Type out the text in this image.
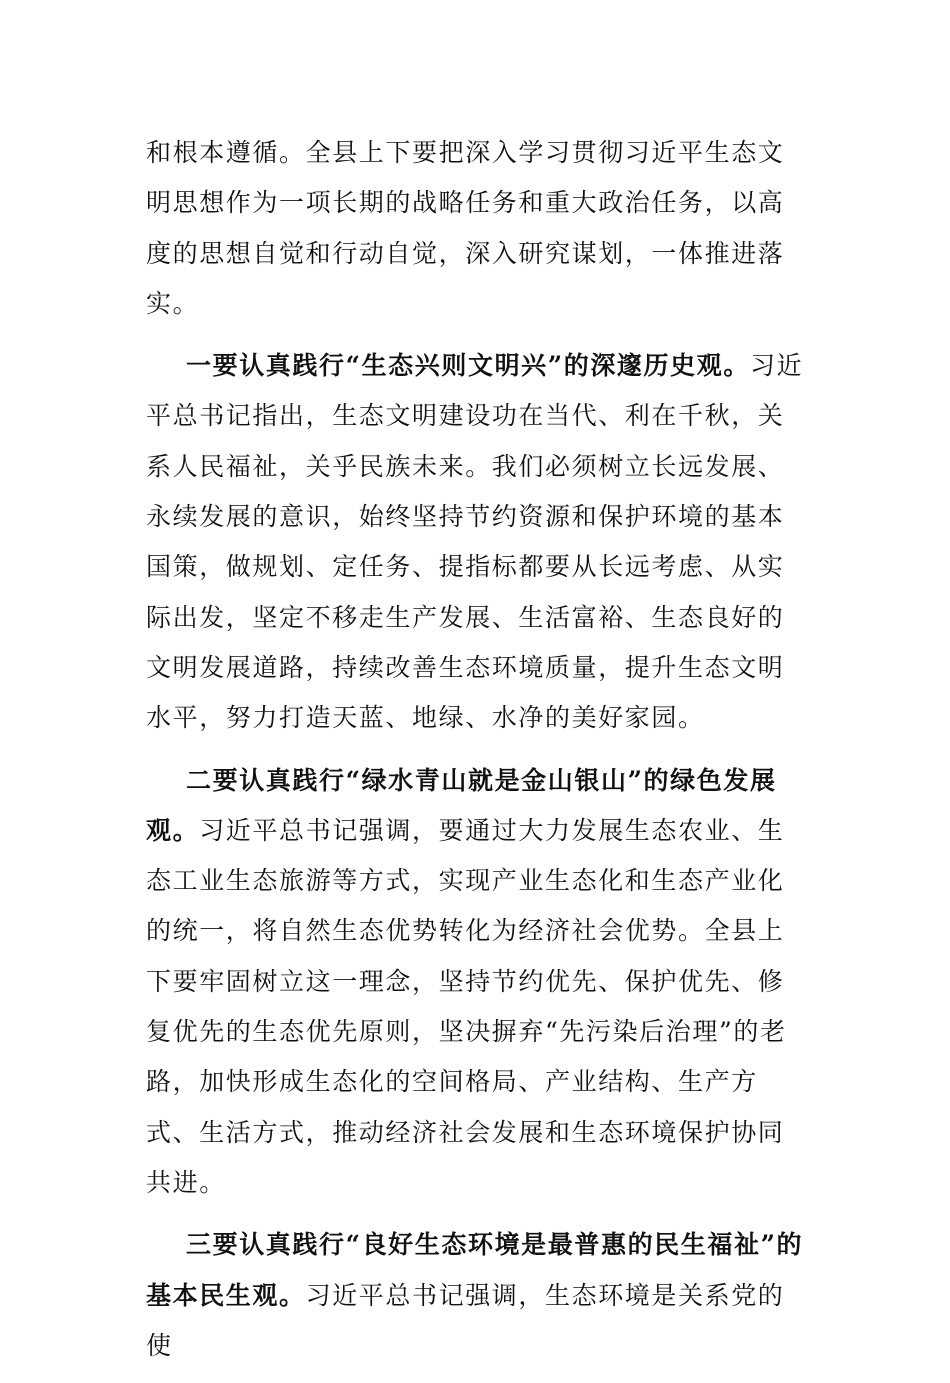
和根本遵循。全县上下要把深入学习贯彻习近平生态文明思想作为一项长期的战略任务和重大政治任务，以高度的思想自觉和行动自觉，深入研究谋划，一体推进落实。

一要认真践行“生态兴则文明兴”的深邃历史观。习近平总书记指出，生态文明建设功在当代、利在千秋，关系人民福祉，关乎民族未来。我们必须树立长远发展、永续发展的意识，始终坚持节约资源和保护环境的基本国策，做规划、定任务、提指标都要从长远考虑、从实际出发，坚定不移走生产发展、生活富裕、生态良好的文明发展道路，持续改善生态环境质量，提升生态文明水平，努力打造天蓝、地绿、水净的美好家园。

二要认真践行“绿水青山就是金山银山”的绿色发展观。习近平总书记强调，要通过大力发展生态农业、生态工业生态旅游等方式，实现产业生态化和生态产业化的统一，将自然生态优势转化为经济社会优势。全县上下要牢固树立这一理念，坚持节约优先、保护优先、修复优先的生态优先原则，坚决摒弃“先污染后治理”的老路，加快形成生态化的空间格局、产业结构、生产方式、生活方式，推动经济社会发展和生态环境保护协同共进。

三要认真践行“良好生态环境是最普惠的民生福祉”的基本民生观。习近平总书记强调，生态环境是关系党的使
